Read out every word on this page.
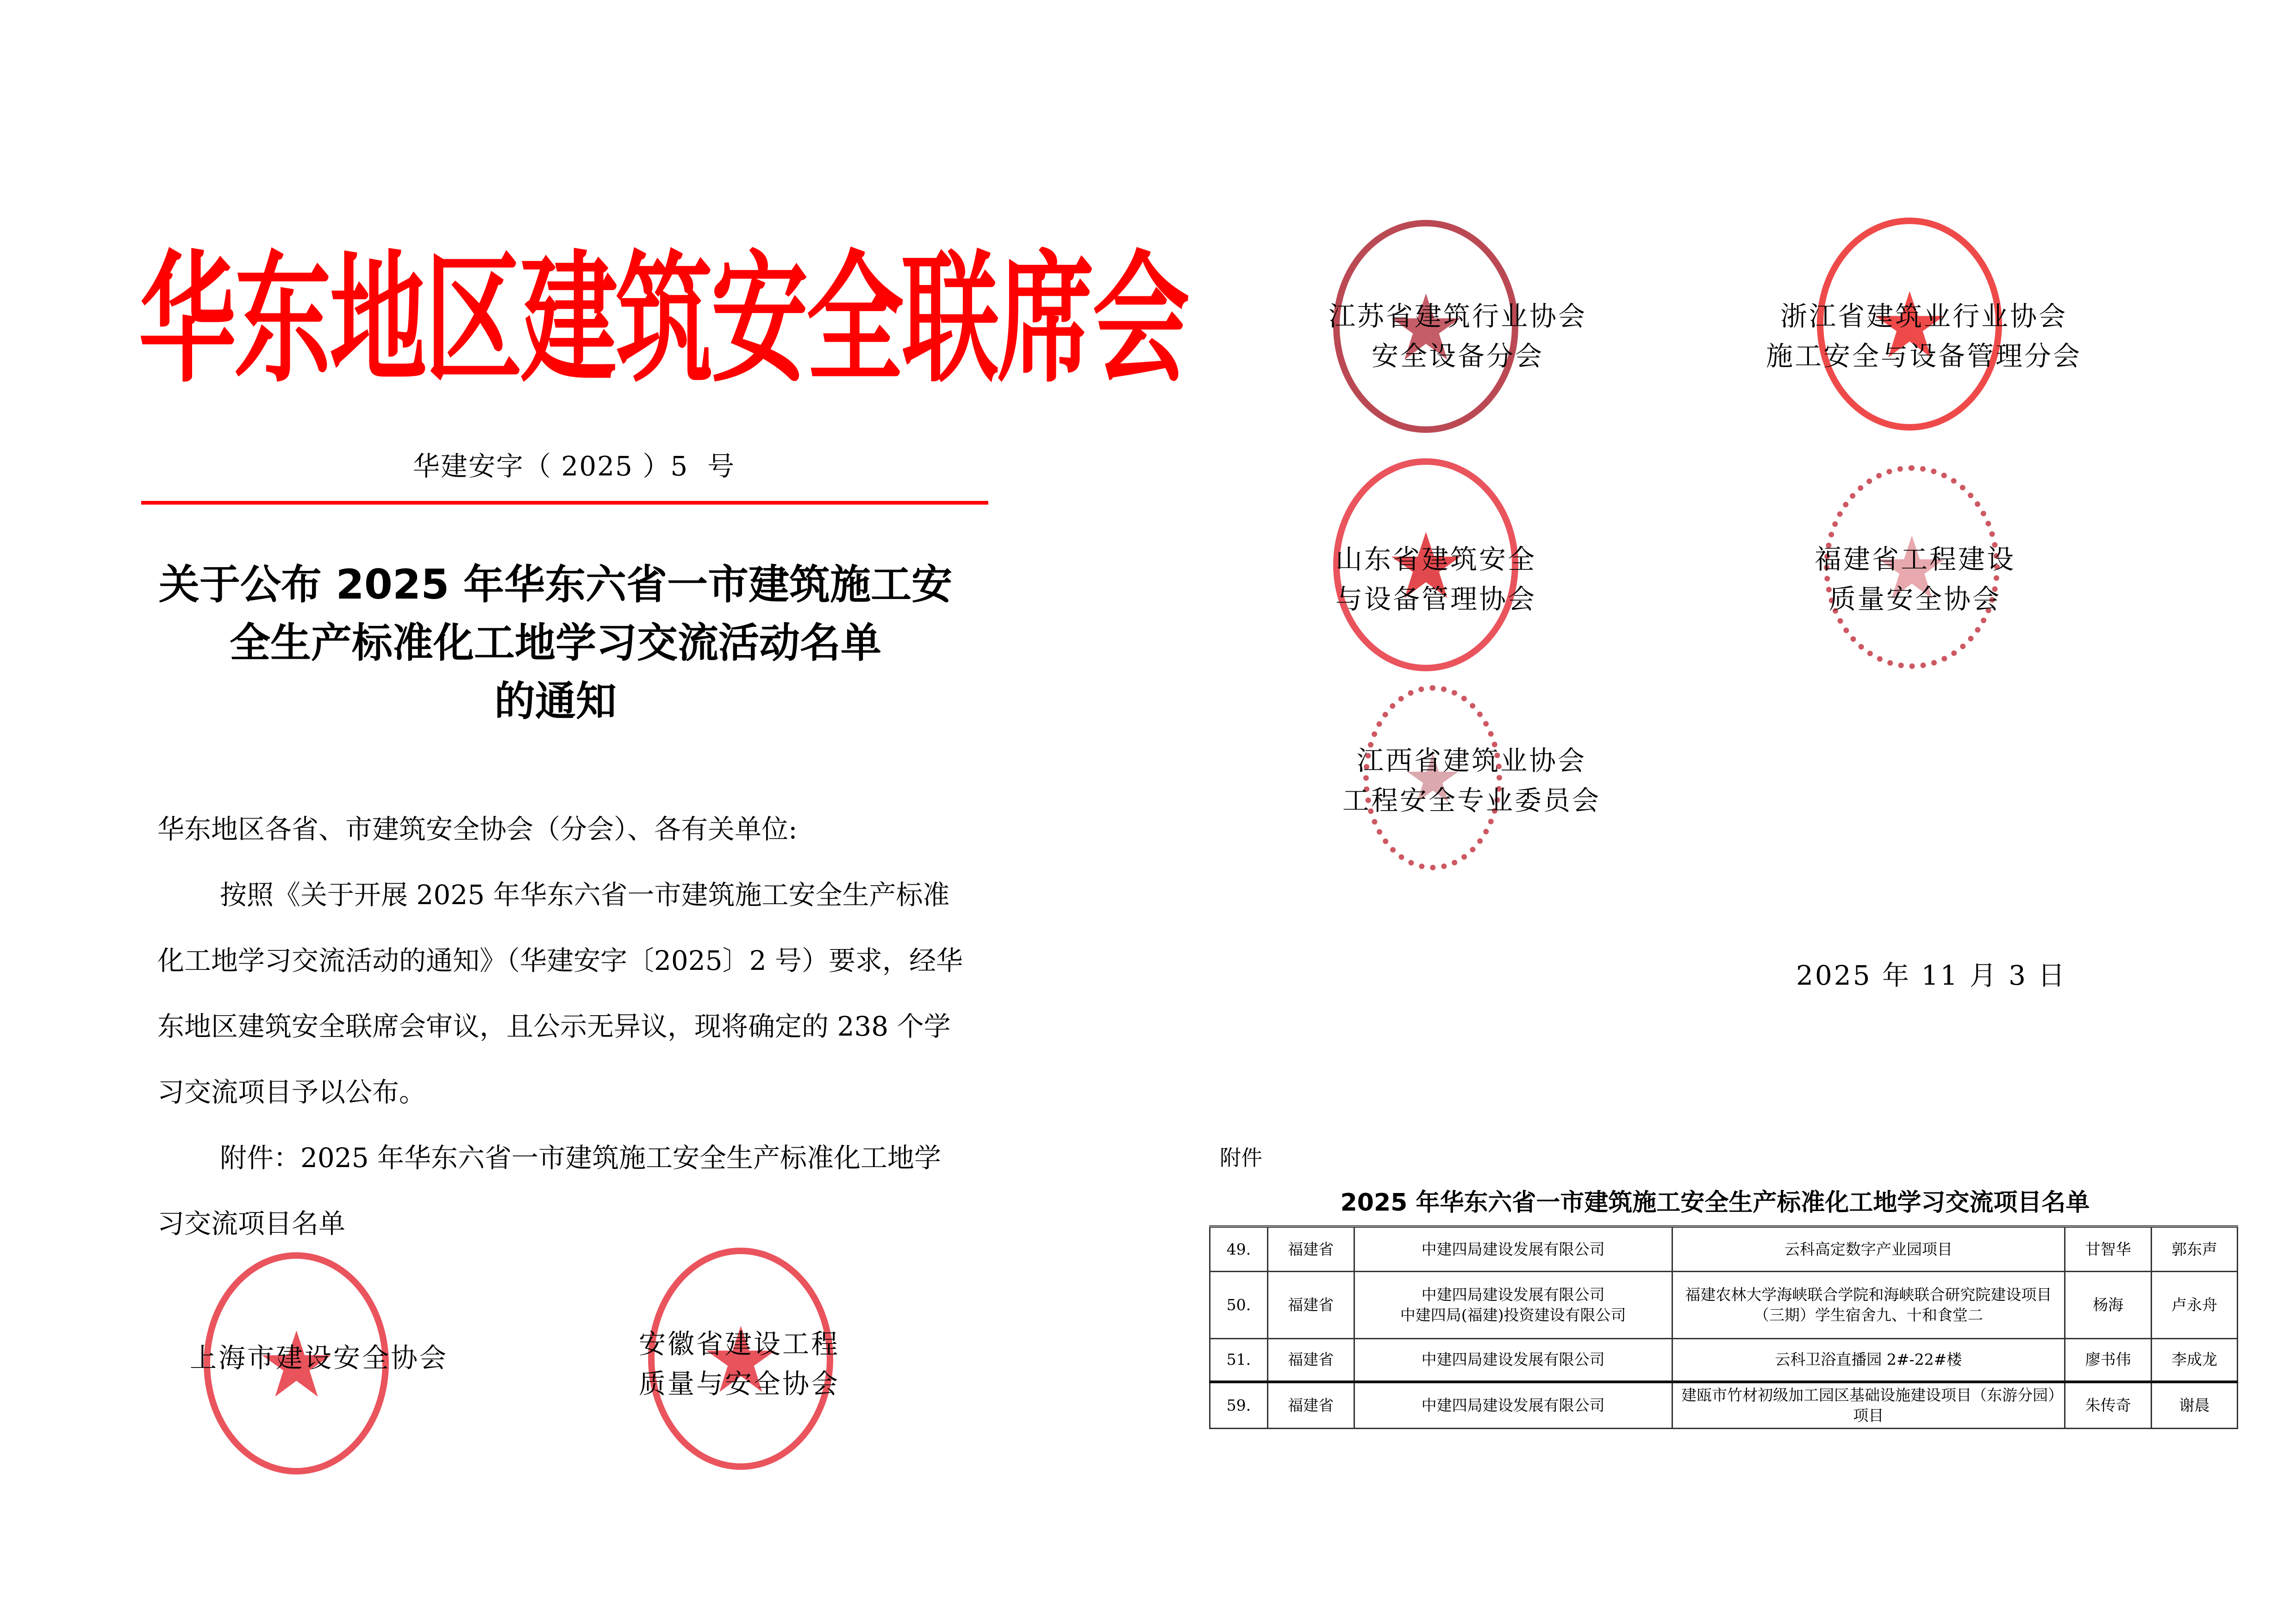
华东地区建筑安全联席会
华建安字（ 2025 ）5  号
关于公布 2025 年华东六省一市建筑施工安
全生产标准化工地学习交流活动名单
的通知

华东地区各省、市建筑安全协会（分会）、各有关单位:

按照《关于开展 2025 年华东六省一市建筑施工安全生产标准化工地学习交流活动的通知》（华建安字〔2025〕2 号）要求，经华东地区建筑安全联席会审议，且公示无异议，现将确定的 238 个学习交流项目予以公布。

附件：2025 年华东六省一市建筑施工安全生产标准化工地学习交流项目名单

上海市建设安全协会	安徽省建设工程
质量与安全协会
江苏省建筑行业协会
安全设备分会
浙江省建筑业行业协会
施工安全与设备管理分会
山东省建筑安全
与设备管理协会
福建省工程建设
质量安全协会
江西省建筑业协会
工程安全专业委员会
2025 年 11 月 3 日
附件
2025 年华东六省一市建筑施工安全生产标准化工地学习交流项目名单
49.	福建省	中建四局建设发展有限公司	云科高定数字产业园项目	甘智华	郭东声
50.	福建省	中建四局建设发展有限公司
中建四局(福建)投资建设有限公司	福建农林大学海峡联合学院和海峡联合研究院建设项目（三期）学生宿舍九、十和食堂二	杨海	卢永舟
51.	福建省	中建四局建设发展有限公司	云科卫浴直播园 2#-22#楼	廖书伟	李成龙
59.	福建省	中建四局建设发展有限公司	建瓯市竹材初级加工园区基础设施建设项目（东游分园）项目	朱传奇	谢晨
